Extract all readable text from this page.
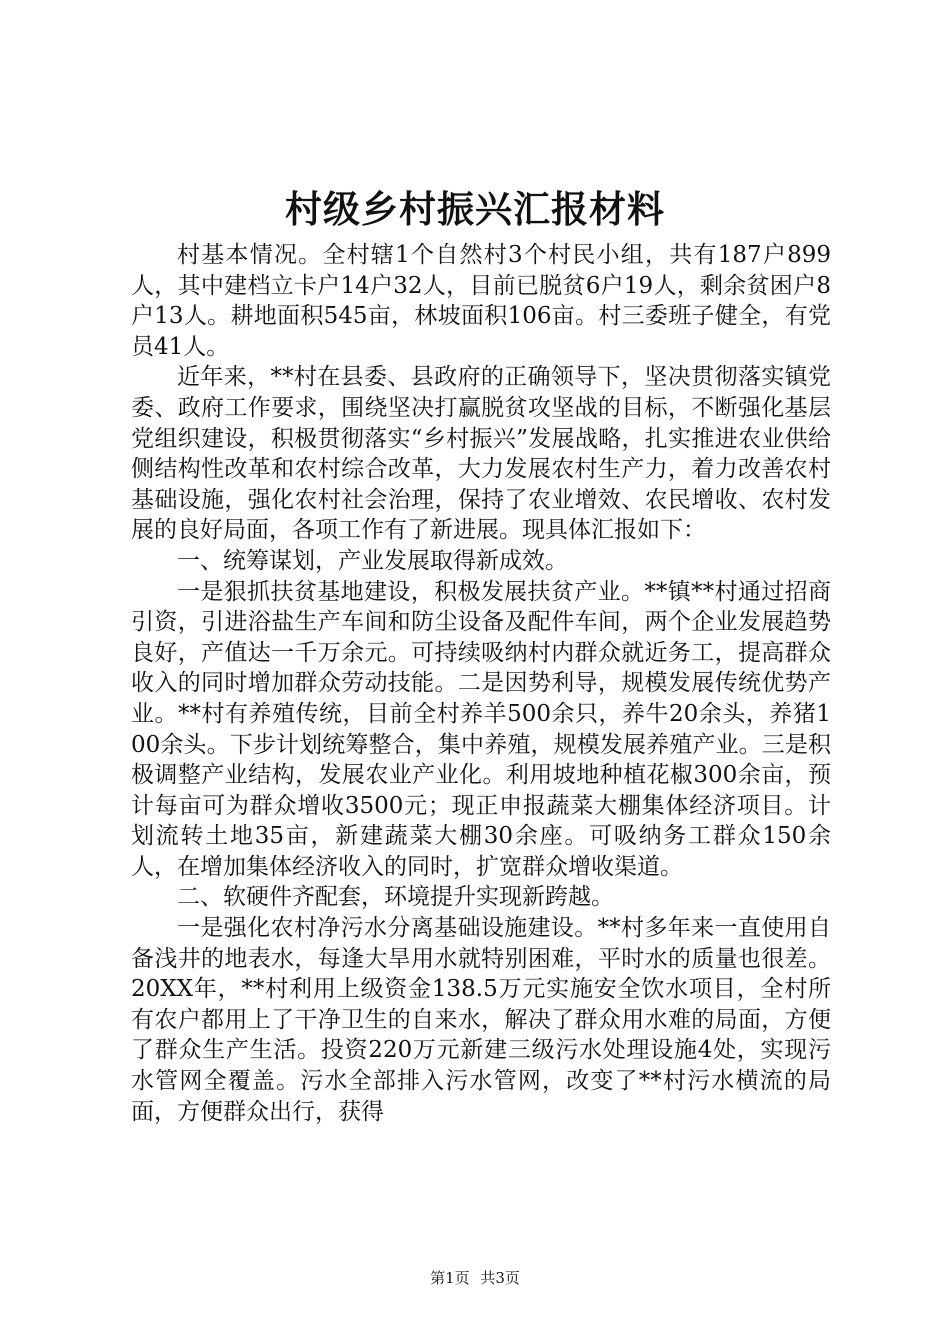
村级乡村振兴汇报材料

村基本情况。全村辖1个自然村3个村民小组，共有187户899人，其中建档立卡户14户32人，目前已脱贫6户19人，剩余贫困户8户13人。耕地面积545亩，林坡面积106亩。村三委班子健全，有党员41人。

近年来，**村在县委、县政府的正确领导下，坚决贯彻落实镇党委、政府工作要求，围绕坚决打赢脱贫攻坚战的目标，不断强化基层党组织建设，积极贯彻落实“乡村振兴”发展战略，扎实推进农业供给侧结构性改革和农村综合改革，大力发展农村生产力，着力改善农村基础设施，强化农村社会治理，保持了农业增效、农民增收、农村发展的良好局面，各项工作有了新进展。现具体汇报如下：

一、统筹谋划，产业发展取得新成效。

一是狠抓扶贫基地建设，积极发展扶贫产业。**镇**村通过招商引资，引进浴盐生产车间和防尘设备及配件车间，两个企业发展趋势良好，产值达一千万余元。可持续吸纳村内群众就近务工，提高群众收入的同时增加群众劳动技能。二是因势利导，规模发展传统优势产业。**村有养殖传统，目前全村养羊500余只，养牛20余头，养猪100余头。下步计划统筹整合，集中养殖，规模发展养殖产业。三是积极调整产业结构，发展农业产业化。利用坡地种植花椒300余亩，预计每亩可为群众增收3500元；现正申报蔬菜大棚集体经济项目。计划流转土地35亩，新建蔬菜大棚30余座。可吸纳务工群众150余人，在增加集体经济收入的同时，扩宽群众增收渠道。

二、软硬件齐配套，环境提升实现新跨越。

一是强化农村净污水分离基础设施建设。**村多年来一直使用自备浅井的地表水，每逢大旱用水就特别困难，平时水的质量也很差。20XX年，**村利用上级资金138.5万元实施安全饮水项目，全村所有农户都用上了干净卫生的自来水，解决了群众用水难的局面，方便了群众生产生活。投资220万元新建三级污水处理设施4处，实现污水管网全覆盖。污水全部排入污水管网，改变了**村污水横流的局面，方便群众出行，获得

第1页 共3页
